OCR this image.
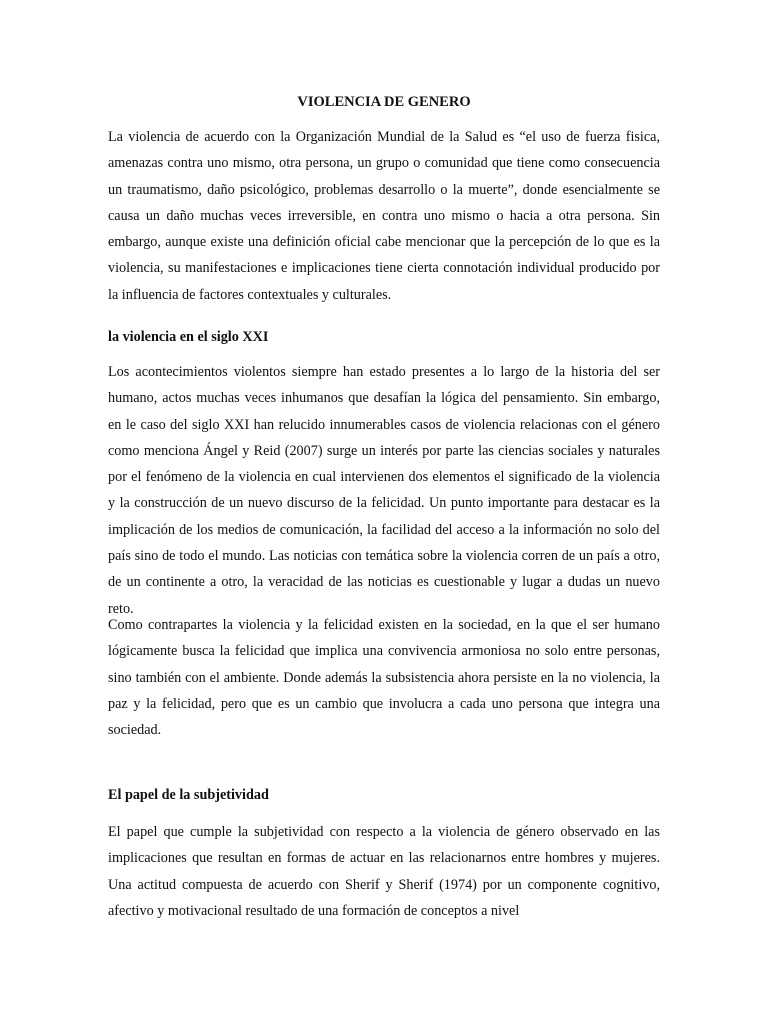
VIOLENCIA DE GENERO

La violencia de acuerdo con la Organización Mundial de la Salud es “el uso de fuerza fisica, amenazas contra uno mismo, otra persona, un grupo o comunidad que tiene como consecuencia un traumatismo, daño psicológico, problemas desarrollo o la muerte”, donde esencialmente se causa un daño muchas veces irreversible, en contra uno mismo o hacia a otra persona. Sin embargo, aunque existe una definición oficial cabe mencionar que la percepción de lo que es la violencia, su manifestaciones e implicaciones tiene cierta connotación individual producido por la influencia de factores contextuales y culturales.

la violencia en el siglo XXI

Los acontecimientos violentos siempre han estado presentes a lo largo de la historia del ser humano, actos muchas veces inhumanos que desafían la lógica del pensamiento. Sin embargo, en le caso del siglo XXI han relucido innumerables casos de violencia relacionas con el género como menciona Ángel y Reid (2007) surge un interés por parte las ciencias sociales y naturales por el fenómeno de la violencia en cual intervienen dos elementos el significado de la violencia y la construcción de un nuevo discurso de la felicidad. Un punto importante para destacar es la implicación de los medios de comunicación, la facilidad del acceso a la información no solo del país sino de todo el mundo. Las noticias con temática sobre la violencia corren de un país a otro, de un continente a otro, la veracidad de las noticias es cuestionable y lugar a dudas un nuevo reto.

Como contrapartes la violencia y la felicidad existen en la sociedad, en la que el ser humano lógicamente busca la felicidad que implica una convivencia armoniosa no solo entre personas, sino también con el ambiente. Donde además la subsistencia ahora persiste en la no violencia, la paz y la felicidad, pero que es un cambio que involucra a cada uno persona que integra una sociedad.

El papel de la subjetividad

El papel que cumple la subjetividad con respecto a la violencia de género observado en las implicaciones que resultan en formas de actuar en las relacionarnos entre hombres y mujeres. Una actitud compuesta de acuerdo con Sherif y Sherif (1974) por un componente cognitivo, afectivo y motivacional resultado de una formación de conceptos a nivel
